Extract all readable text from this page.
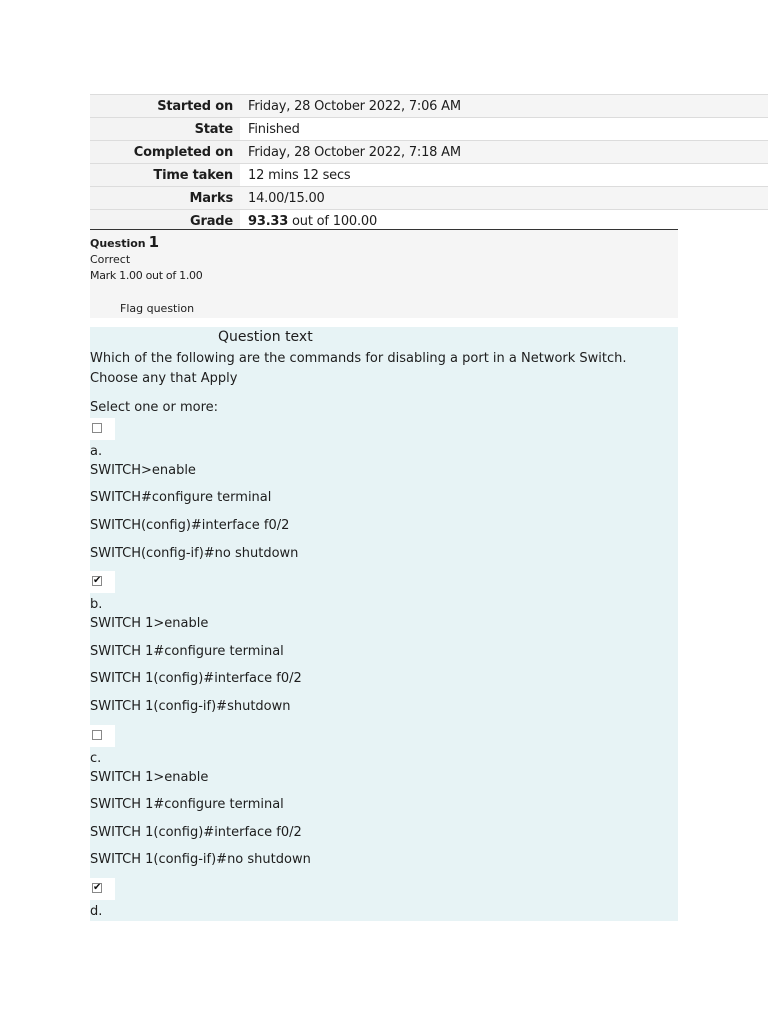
Started on	Friday, 28 October 2022, 7:06 AM
State	Finished
Completed on	Friday, 28 October 2022, 7:18 AM
Time taken	12 mins 12 secs
Marks	14.00/15.00
Grade	93.33 out of 100.00
Question 1
Correct
Mark 1.00 out of 1.00
Flag question
Question text
Which of the following are the commands for disabling a port in a Network Switch. Choose any that Apply
Select one or more:
a.
SWITCH>enable
SWITCH#configure terminal
SWITCH(config)#interface f0/2
SWITCH(config-if)#no shutdown
✔
b.
SWITCH 1>enable
SWITCH 1#configure terminal
SWITCH 1(config)#interface f0/2
SWITCH 1(config-if)#shutdown
c.
SWITCH 1>enable
SWITCH 1#configure terminal
SWITCH 1(config)#interface f0/2
SWITCH 1(config-if)#no shutdown
✔
d.
